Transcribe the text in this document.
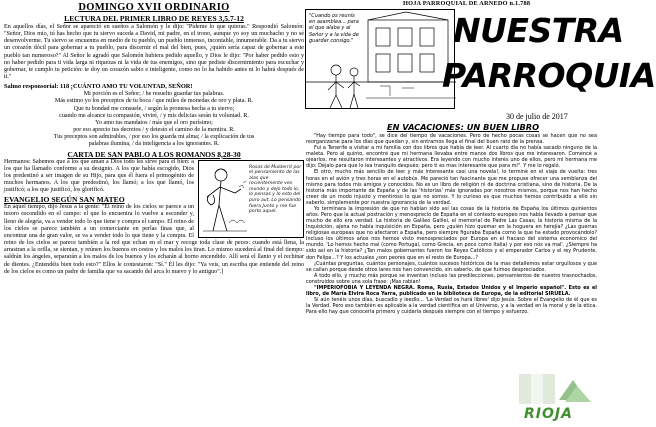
DOMINGO XVII ORDINARIO
LECTURA DEL PRIMER LIBRO DE REYES 3,5.7-12
En aquellos días, el Señor se apareció en sueños a Salomón y le dijo: "Pídeme lo que quieras." Respondió Salomón: "Señor, Dios mío, tú has hecho que tu siervo suceda a David, mi padre, en el trono, aunque yo soy un muchacho y no sé desenvolverme. Tu siervo se encuentra en medio de tu pueblo, un pueblo inmenso, incontable, innumerable. Da a tu siervo un corazón dócil para gobernar a tu pueblo, para discernir el mal del bien, pues, ¿quién sería capaz de gobernar a este pueblo tan numeroso?" Al Señor le agradó que Salomón hubiera pedido aquello, y Dios le dijo: "Por haber pedido esto y no haber pedido para ti vida larga ni riquezas ni la vida de tus enemigos, sino que pediste discernimiento para escuchar y gobernar, te cumplo tu petición: te doy un corazón sabio e inteligente, como no lo ha habido antes ni lo habrá después de ti."
Salmo responsorial: 118 ¡CUÁNTO AMO TU VOLUNTAD, SEÑOR!
Mi porción es el Señor; / he resuelto guardar tus palabras.
Más estimo yo los preceptos de tu boca / que miles de monedas de oro y plata. R.
Que tu bondad me consuele, / según la promesa hecha a tu siervo;
cuando me alcance tu compasión, viviré, / y mis delicias serán tu voluntad. R.
Yo amo tus mandatos / más que el oro purísimo;
por eso aprecio tus decretos / y detesto el camino de la mentira. R.
Tus preceptos son admirables, / por eso los guarda mi alma; / la explicación de tus
palabras ilumina, / da inteligencia a los ignorantes. R.
CARTA DE SAN PABLO A LOS ROMANOS 8,28-30
Rosas de Mulderrit por el pensamiento de las alas que recientemente ves mundo y dejo todo lo, lo pensas y lo esto del puro aut. Lo pensando fuera Junto y me fue porto aquel.
Hermanos: Sabemos que a los que aman a Dios todo les sirve para el bien: a los que ha llamado conforme a su designio. A los que había escogido, Dios los predestinó a ser imagen de su Hijo, para que él fuera el primogénito de muchos hermanos. A los que predestinó, los llamó; a los que llamó, los justificó; a los que justificó, los glorificó.
EVANGELIO SEGÚN SAN MATEO
En aquel tiempo, dijo Jesús a la gente: "El reino de los cielos se parece a un tesoro escondido en el campo: el que lo encuentra lo vuelve a esconder y, lleno de alegría, va a vender todo lo que tiene y compra el campo. El reino de los cielos se parece también a un comerciante en perlas finas que, al encontrar una de gran valor, se va a vender todo lo que tiene y la compra. El reino de los cielos se parece también a la red que echan en el mar y recoge toda clase de peces: cuando está llena, la arrastran a la orilla, se sientan, y reúnen los buenos en cestos y los malos los tiran. Lo mismo sucederá al final del tiempo: saldrán los ángeles, separarán a los malos de los buenos y los echarán al horno encendido. Allí será el llanto y el rechinar de dientes. ¿Entendéis bien todo esto?" Ellos le contestaron: "Sí." Él les dijo: "Ya veis, un escriba que entiende del reino de los cielos es como un padre de familia que va sacando del arca lo nuevo y lo antiguo".]
HOJA PARROQUIAL DE ARNEDO n.1.788
"Cuando os reunís en asamblea... para el que alaba y al Señor y a la vida de guardar consigo."	NUESTRA
PARROQUIA
30 de julio de 2017
EN VACACIONES: UN BUEN LIBRO

"Hay tiempo para todo", se dice del tiempo de vacaciones. Pero de hecho pocas cosas se hacen que no sea reorganizarse para los días que quedan y, sin entrarnos llega el final del buen rato de la prensa.

Fui a Tenerife a visitar a mi familia con dos libros que había de leer. Al cuarto día no había sacado ninguno de la maleta. Pero al quinto, encontré que mi hermana llevaba entre manos dos libros que me interesaron. Comencé a ojearlos, me resultaron interesantes y atractivos. Era leyendo con mucho interés uno de ellos, pero mi hermana me dijo: Déjalo para que lo lea tranquilo después; pero ti es mas interesante que para mí". Y me lo regaló.

El otro, mucho más sencillo de leer y más interesante casi una novela!, lo terminé en el viaje de vuelta: tres horas en el avión y tres horas en el autobús. Me pareció tan fascinante que me propuse ofrecer una semblanza del mismo para todos mis amigos y conocidos. No es un libro de religión ni de doctrina cristiana, sino de historia. De la historia más importante de España y de las 'historias' más ignoradas por nosotros mismos, porque nos han hecho creer de un modo injusto y mentiroso lo que no somos. Y lo curioso es que muchos hemos contribuido a ello sin saberlo, simplemente por nuestra ignorancia de la verdad.

Yo terminara la impresión de que no habían sido así las cosas de la historia de España los últimos quinientos años. Pero que la actual postración y menosprecio de España en el contexto europeo nos había llevado a pensar que mucho de ello era verdad. La historia de Galileo Galilei, el memorial de Padre Las Casas; la historia misma de la Inquisición, ajena no había inquisición en España, pero ¿quién hizo quemar en la hoguera en herejía? ¿Las guerras religiosas europeas que no afectaron a España, pero siempre figuraba España como la que ha estado provocándolo? Incluso los últimos años nos hemos visto menospreciados por Europa en el fracaso del sistema económico del mundo. 'Lo hemos hecho mal (como Portugal, como Grecia, en poco como Italia) y por eso nos va mal'. ¿Siempre ha sido así en la historia? ¿Tan malos gobernantes fueron los Reyes Católicos y el emperador Carlos y el rey Prudente, don Felipe...? Y los actuales ¿son peores que en el resto de Europa...?

¡Cuántas preguntas, cuántos personajes, cuántos sucesos históricos de la mas detallemos estar orgullosos y que se callan porque desde otros lares nos han convencido, sin saberlo, de que fuimos despreciados.

A todo ello, y mucho más porque se inventan incluso las predilecciones, pensamientos de nuestro trasnochados, construidos sobre una sola frase: ¡Mas rabian!

"IMPERIOFOBIA Y LEYENDA NEGRA. Roma, Rusia, Estados Unidos y el Imperio español". Esto es el libro, de María Elvira Roca Yarra, publicado en la biblioteca de Europa, de la editorial SIRUELA.

Si aún tenéis unos días, buscadlo y leedlo... 'La Verdad os hará libres' dijo Jesús. Sobre el Evangelio de él que es la Verdad. Pero eso también es aplicable a la verdad científica en el Universo, y a la verdad en la moral y de la ética. Para ello hay que conocerla primero y cuidarla después siempre con el tiempo y esfuerzo.

RIOJA
